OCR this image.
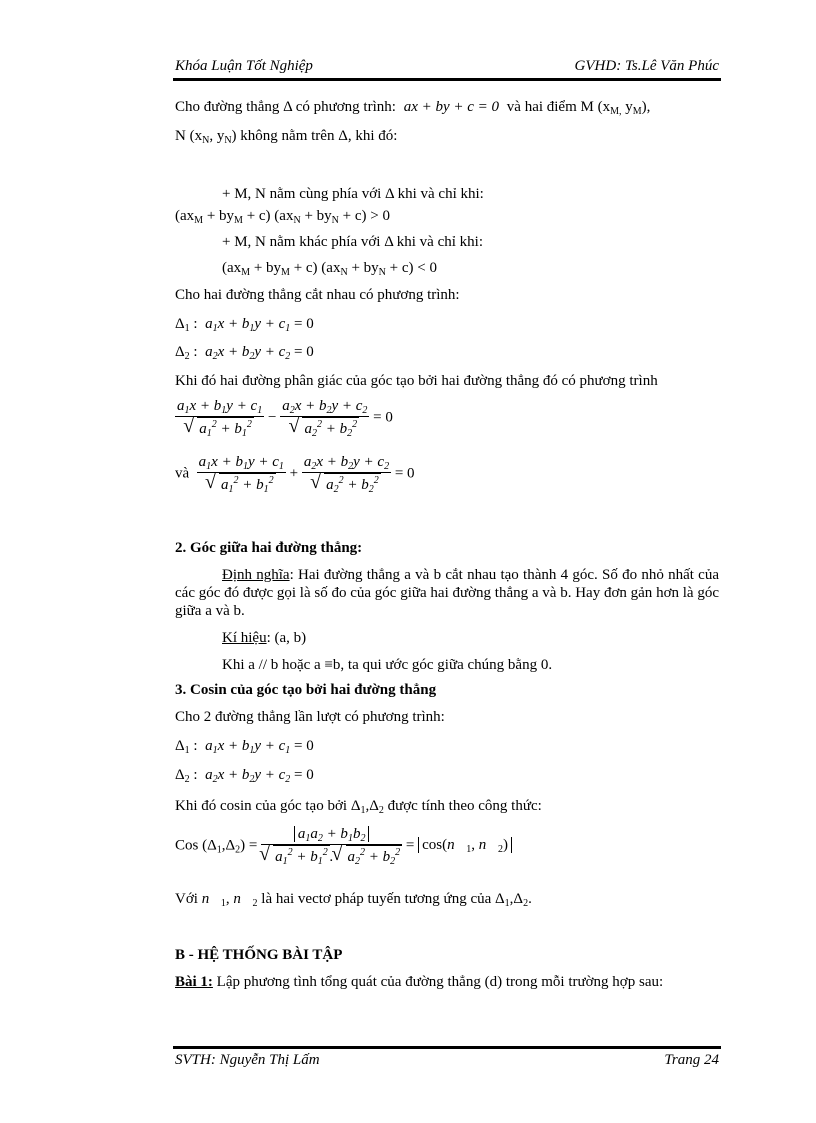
Khóa Luận Tốt Nghiệp	GVHD: Ts.Lê Văn Phúc
Cho đường thẳng Δ có phương trình: ax + by + c = 0 và hai điểm M ($x_{M,}$ $y_M$),
N ($x_N$, $y_N$) không nằm trên Δ, khi đó:
+ M, N nằm cùng phía với Δ khi và chỉ khi:
$(ax_M + by_M + c) (ax_N + by_N + c) > 0$
+ M, N nằm khác phía với Δ khi và chỉ khi:
$(ax_M + by_M + c) (ax_N + by_N + c) < 0$
Cho hai đường thẳng cắt nhau có phương trình:
$\Delta_1$ :  $a_1x + b_1y + c_1 = 0$
$\Delta_2$ :  $a_2x + b_2y + c_2 = 0$
Khi đó hai đường phân giác của góc tạo bởi hai đường thẳng đó có phương trình
$a_1x + b_1y + c_1$
√ $a_1^2 + b_1^2 - a_2x + b_2y + c_2$
√ $a_2^2 + b_2^2 = 0$
và $a_1x + b_1y + c_1$
√ $a_1^2 + b_1^2 + a_2x + b_2y + c_2$
√ $a_2^2 + b_2^2 = 0$
2. Góc giữa hai đường thẳng:
Định nghĩa: Hai đường thẳng a và b cắt nhau tạo thành 4 góc. Số đo nhỏ nhất của các góc đó được gọi là số đo của góc giữa hai đường thẳng a và b. Hay đơn gản hơn là góc giữa a và b.
Kí hiệu: (a, b)
Khi a // b hoặc a ≡b, ta qui ước góc giữa chúng bằng 0.
3. Cosin của góc tạo bởi hai đường thẳng
Cho 2 đường thẳng lần lượt có phương trình:
$\Delta_1$ :  $a_1x + b_1y + c_1 = 0$
$\Delta_2$ :  $a_2x + b_2y + c_2 = 0$
Khi đó cosin của góc tạo bởi $\Delta_1,\Delta_2$ được tính theo công thức:
Cos $(\Delta_1,\Delta_2) = a_1a_2 + b_1b_2$
√ $a_1^2 + b_1^2$ .√ $a_2^2 + b_2^2$ = $\cos(n⃗_1$, $n⃗_2$)
Với $n⃗_1$, $n⃗_2$ là hai vectơ pháp tuyến tương ứng của $\Delta_1,\Delta_2$.
B - HỆ THỐNG BÀI TẬP
Bài 1: Lập phương tình tổng quát của đường thẳng (d) trong mỗi trường hợp sau:
SVTH: Nguyễn Thị Lấm	Trang 24
